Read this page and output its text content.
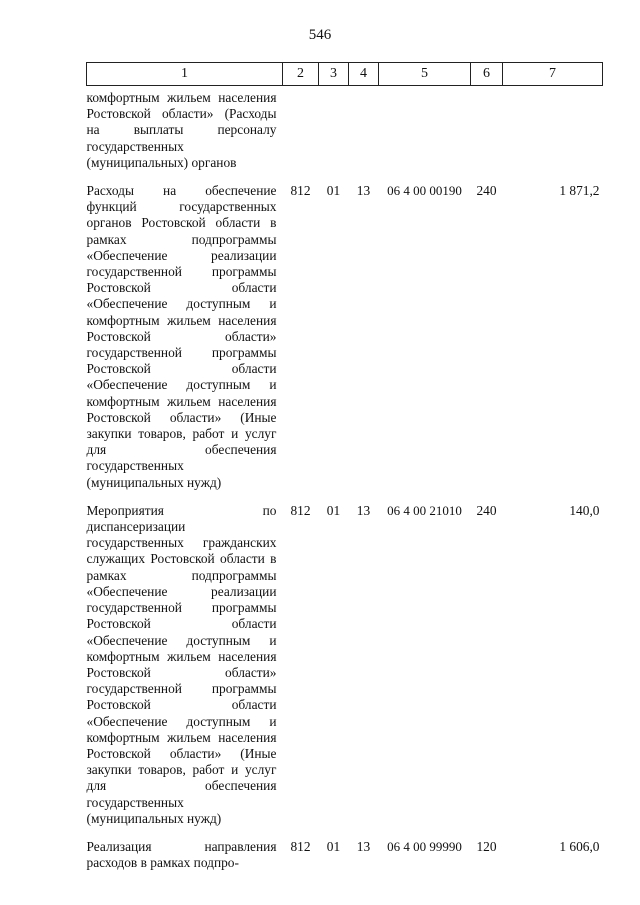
546
1	2	3	4	5	6	7
комфортным жильем населения Ростовской области» (Расходы на выплаты персоналу государственных (муниципальных) органов						
Расходы на обеспечение функций государственных органов Ростовской области в рамках подпрограммы «Обеспечение реализации государственной программы Ростовской области «Обеспечение доступным и комфортным жильем населения Ростовской области» государственной программы Ростовской области «Обеспечение доступным и комфортным жильем населения Ростовской области» (Иные закупки товаров, работ и услуг для обеспечения государственных (муниципальных нужд)	812	01	13	06 4 00 00190	240	1 871,2
Мероприятия по диспансеризации государственных гражданских служащих Ростовской области в рамках подпрограммы «Обеспечение реализации государственной программы Ростовской области «Обеспечение доступным и комфортным жильем населения Ростовской области» государственной программы Ростовской области «Обеспечение доступным и комфортным жильем населения Ростовской области» (Иные закупки товаров, работ и услуг для обеспечения государственных (муниципальных нужд)	812	01	13	06 4 00 21010	240	140,0
Реализация направления расходов в рамках подпро-	812	01	13	06 4 00 99990	120	1 606,0
